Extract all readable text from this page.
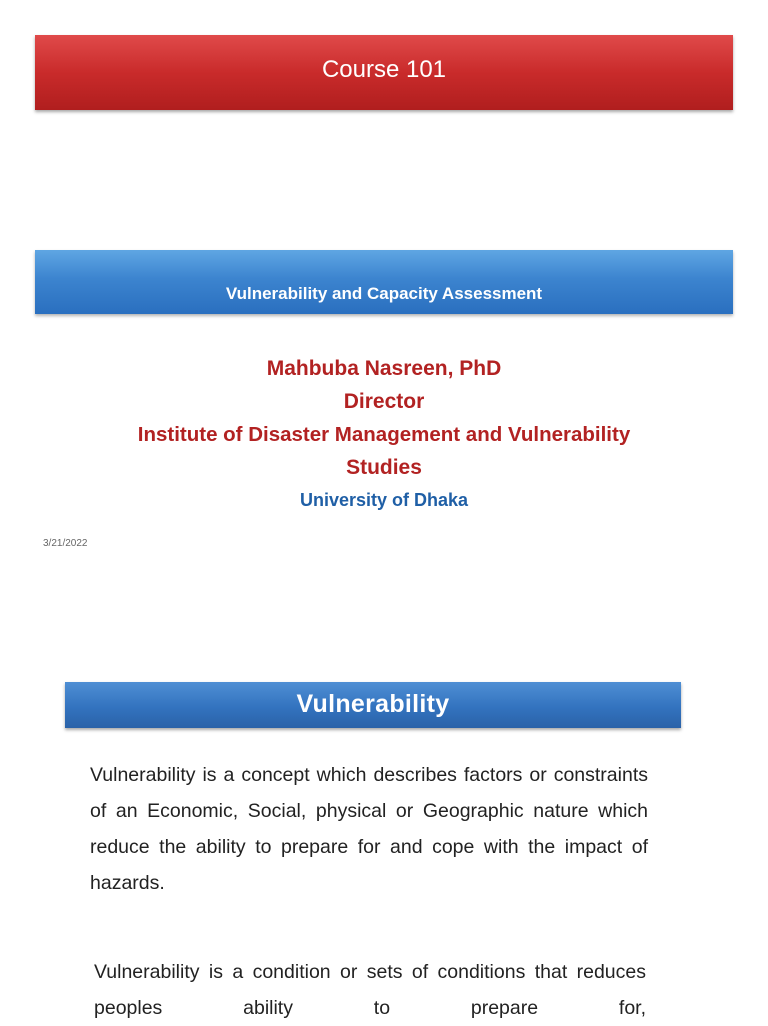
Course 101
Vulnerability and Capacity Assessment
Mahbuba Nasreen, PhD
Director
Institute of Disaster Management and Vulnerability
Studies
University of Dhaka
3/21/2022
Vulnerability
Vulnerability is a concept which describes factors or constraints of an Economic, Social, physical or Geographic nature which reduce the ability to prepare for and cope with the impact of hazards.
Vulnerability is a condition or sets of conditions that reduces peoples ability to prepare for,
